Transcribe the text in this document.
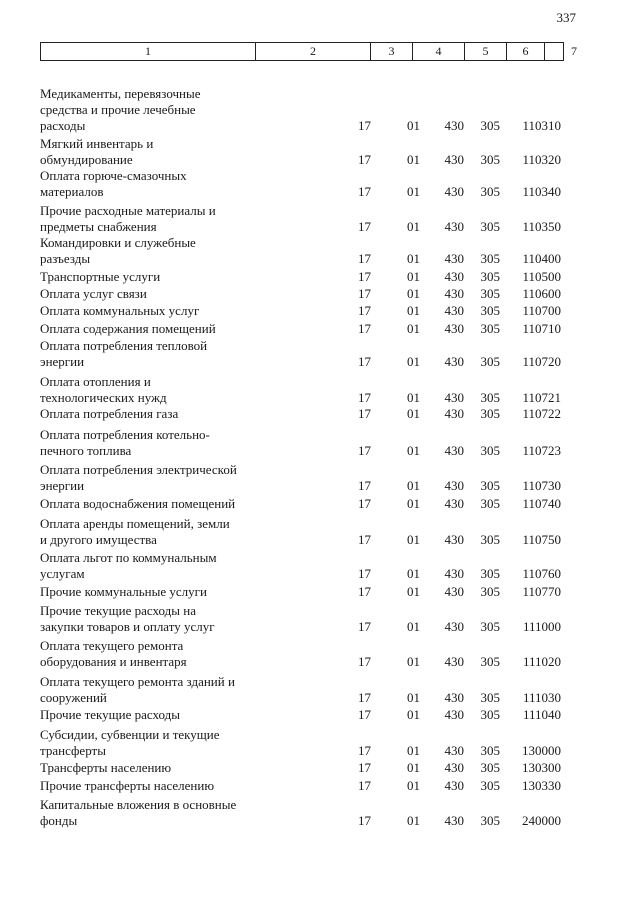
337
1	2	3	4	5	6	7
Медикаменты, перевязочные
средства и прочие лечебные
расходы	17	01	430	305	110310
Мягкий инвентарь и
обмундирование	17	01	430	305	110320
Оплата горюче-смазочных
материалов	17	01	430	305	110340
Прочие расходные материалы и
предметы снабжения	17	01	430	305	110350
Командировки и служебные
разъезды	17	01	430	305	110400
Транспортные услуги	17	01	430	305	110500
Оплата услуг связи	17	01	430	305	110600
Оплата коммунальных услуг	17	01	430	305	110700
Оплата содержания помещений	17	01	430	305	110710
Оплата потребления тепловой
энергии	17	01	430	305	110720
Оплата отопления и
технологических нужд	17	01	430	305	110721
Оплата потребления газа	17	01	430	305	110722
Оплата потребления котельно-
печного топлива	17	01	430	305	110723
Оплата потребления электрической
энергии	17	01	430	305	110730
Оплата водоснабжения помещений	17	01	430	305	110740
Оплата аренды помещений, земли
и другого имущества	17	01	430	305	110750
Оплата льгот по коммунальным
услугам	17	01	430	305	110760
Прочие коммунальные услуги	17	01	430	305	110770
Прочие текущие расходы на
закупки товаров и оплату услуг	17	01	430	305	111000
Оплата текущего ремонта
оборудования и инвентаря	17	01	430	305	111020
Оплата текущего ремонта зданий и
сооружений	17	01	430	305	111030
Прочие текущие расходы	17	01	430	305	111040
Субсидии, субвенции и текущие
трансферты	17	01	430	305	130000
Трансферты населению	17	01	430	305	130300
Прочие трансферты населению	17	01	430	305	130330
Капитальные вложения в основные
фонды	17	01	430	305	240000
